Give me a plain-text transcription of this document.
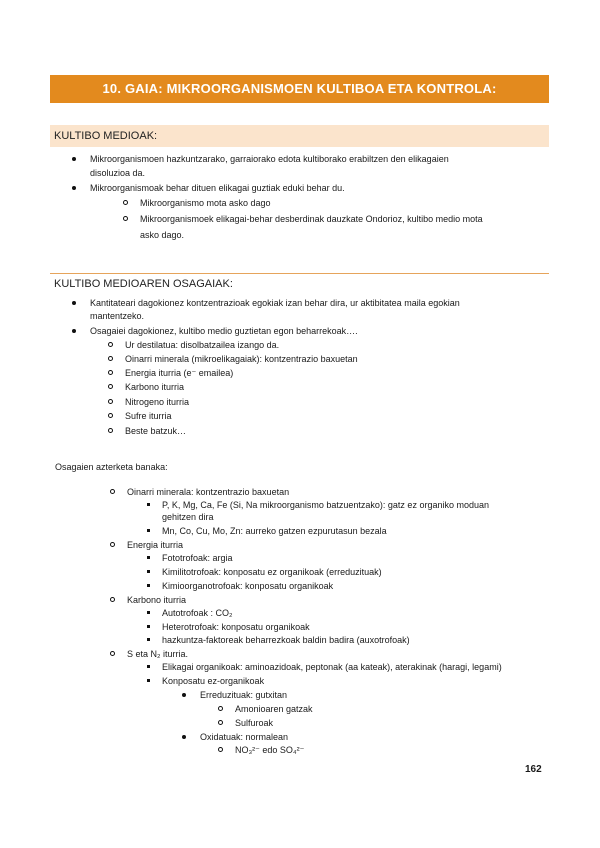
10. GAIA: MIKROORGANISMOEN KULTIBOA ETA KONTROLA:
KULTIBO MEDIOAK:
Mikroorganismoen hazkuntzarako, garraiorako edota kultiborako erabiltzen den elikagaien
disoluzioa da.
Mikroorganismoak behar dituen elikagai guztiak eduki behar du.
Mikroorganismo mota asko dago
Mikroorganismoek elikagai-behar desberdinak dauzkate Ondorioz, kultibo medio mota
asko dago.
KULTIBO MEDIOAREN OSAGAIAK:
Kantitateari dagokionez kontzentrazioak egokiak izan behar dira, ur aktibitatea maila egokian
mantentzeko.
Osagaiei dagokionez, kultibo medio guztietan egon beharrekoak….
Ur destilatua: disolbatzailea izango da.
Oinarri minerala (mikroelikagaiak): kontzentrazio baxuetan
Energia iturria (e⁻ emailea)
Karbono iturria
Nitrogeno iturria
Sufre iturria
Beste batzuk…
Osagaien azterketa banaka:
Oinarri minerala: kontzentrazio baxuetan
P, K, Mg, Ca, Fe (Si, Na mikroorganismo batzuentzako): gatz ez organiko moduan
gehitzen dira
Mn, Co, Cu, Mo, Zn: aurreko gatzen ezpurutasun bezala
Energia iturria
Fototrofoak: argia
Kimilitotrofoak: konposatu ez organikoak (erreduzituak)
Kimioorganotrofoak: konposatu organikoak
Karbono iturria
Autotrofoak : CO₂
Heterotrofoak: konposatu organikoak
hazkuntza-faktoreak beharrezkoak baldin badira (auxotrofoak)
S eta N₂ iturria.
Elikagai organikoak: aminoazidoak, peptonak (aa kateak), aterakinak (haragi, legami)
Konposatu ez-organikoak
Erreduzituak: gutxitan
Amonioaren gatzak
Sulfuroak
Oxidatuak: normalean
NO₃²⁻ edo SO₄²⁻
162
